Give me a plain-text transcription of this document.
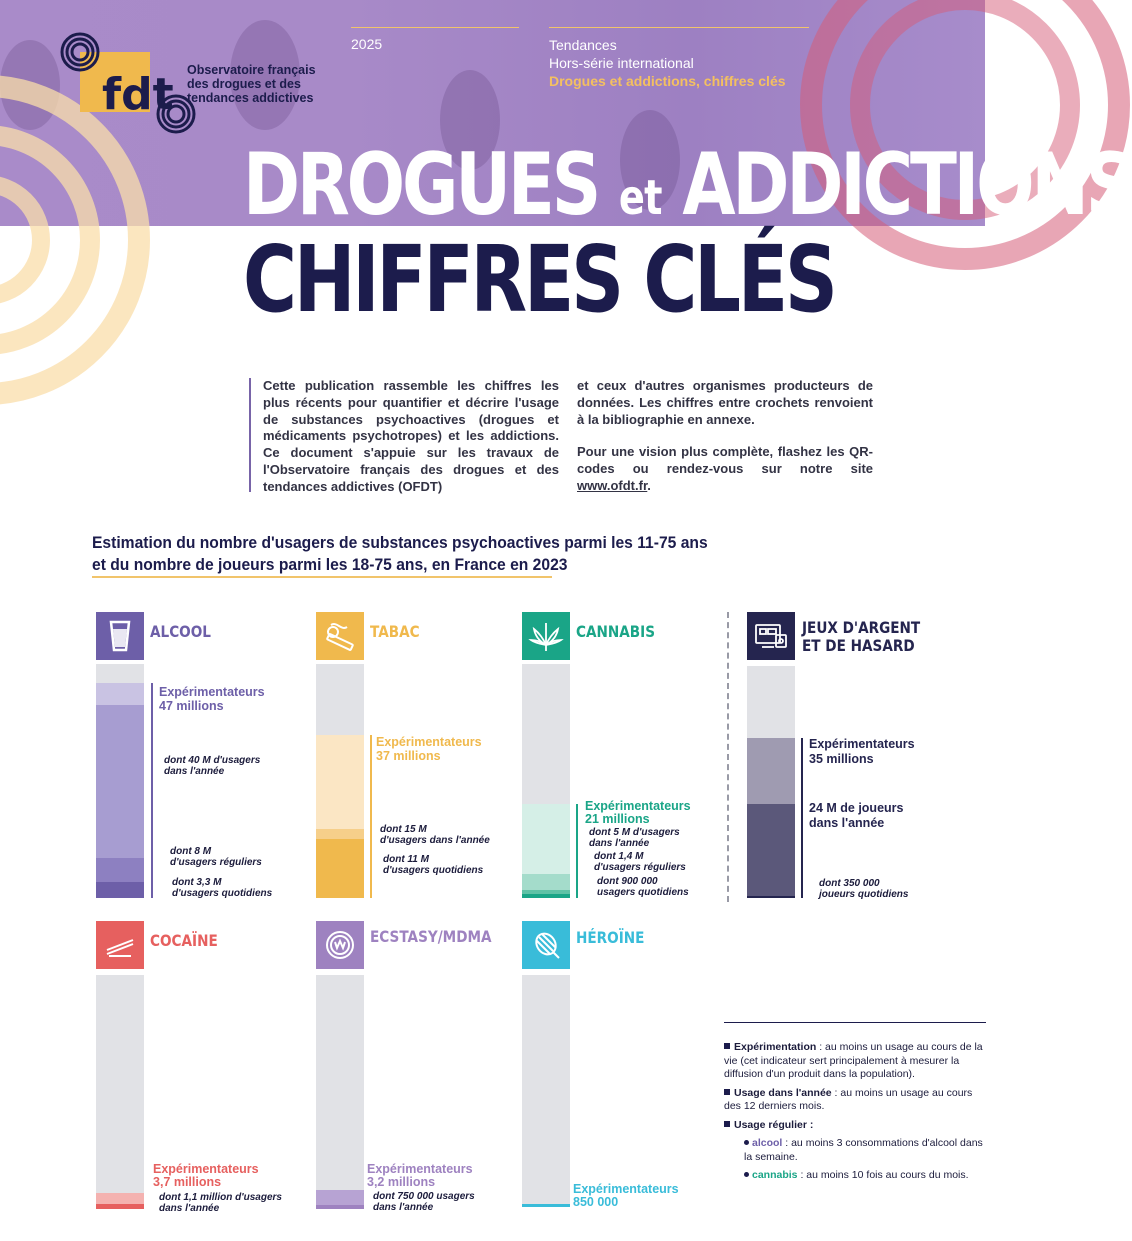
fdt Observatoire français des drogues et des tendances addictives
2025	Tendances
Hors-série international
Drogues et addictions, chiffres clés
DROGUES et ADDICTIONS
CHIFFRES CLÉS

Cette publication rassemble les chiffres les plus récents pour quantifier et décrire l'usage de substances psychoactives (drogues et médicaments psychotropes) et les addictions. Ce document s'appuie sur les travaux de l'Observatoire français des drogues et des tendances addictives (OFDT)

et ceux d'autres organismes producteurs de données. Les chiffres entre crochets renvoient à la bibliographie en annexe.

Pour une vision plus complète, flashez les QR-codes ou rendez-vous sur notre site www.ofdt.fr.

Estimation du nombre d'usagers de substances psychoactives parmi les 11-75 ans
et du nombre de joueurs parmi les 18-75 ans, en France en 2023
ALCOOL
Expérimentateurs
47 millions
dont 40 M d'usagers
dans l'année
dont 8 M
d'usagers réguliers
dont 3,3 M
d'usagers quotidiens
TABAC
Expérimentateurs
37 millions
dont 15 M
d'usagers dans l'année
dont 11 M
d'usagers quotidiens
CANNABIS
Expérimentateurs
21 millions
dont 5 M d'usagers
dans l'année
dont 1,4 M
d'usagers réguliers
dont 900 000
usagers quotidiens
JEUX D'ARGENT
ET DE HASARD
Expérimentateurs
35 millions
24 M de joueurs
dans l'année
dont 350 000
joueurs quotidiens
COCAÏNE
Expérimentateurs
3,7 millions
dont 1,1 million d'usagers
dans l'année
ECSTASY/MDMA
Expérimentateurs
3,2 millions
dont 750 000 usagers
dans l'année
HÉROÏNE
Expérimentateurs
850 000

Expérimentation : au moins un usage au cours de la vie (cet indicateur sert principalement à mesurer la diffusion d'un produit dans la population).

Usage dans l'année : au moins un usage au cours des 12 derniers mois.

Usage régulier :

alcool : au moins 3 consommations d'alcool dans la semaine.

cannabis : au moins 10 fois au cours du mois.
